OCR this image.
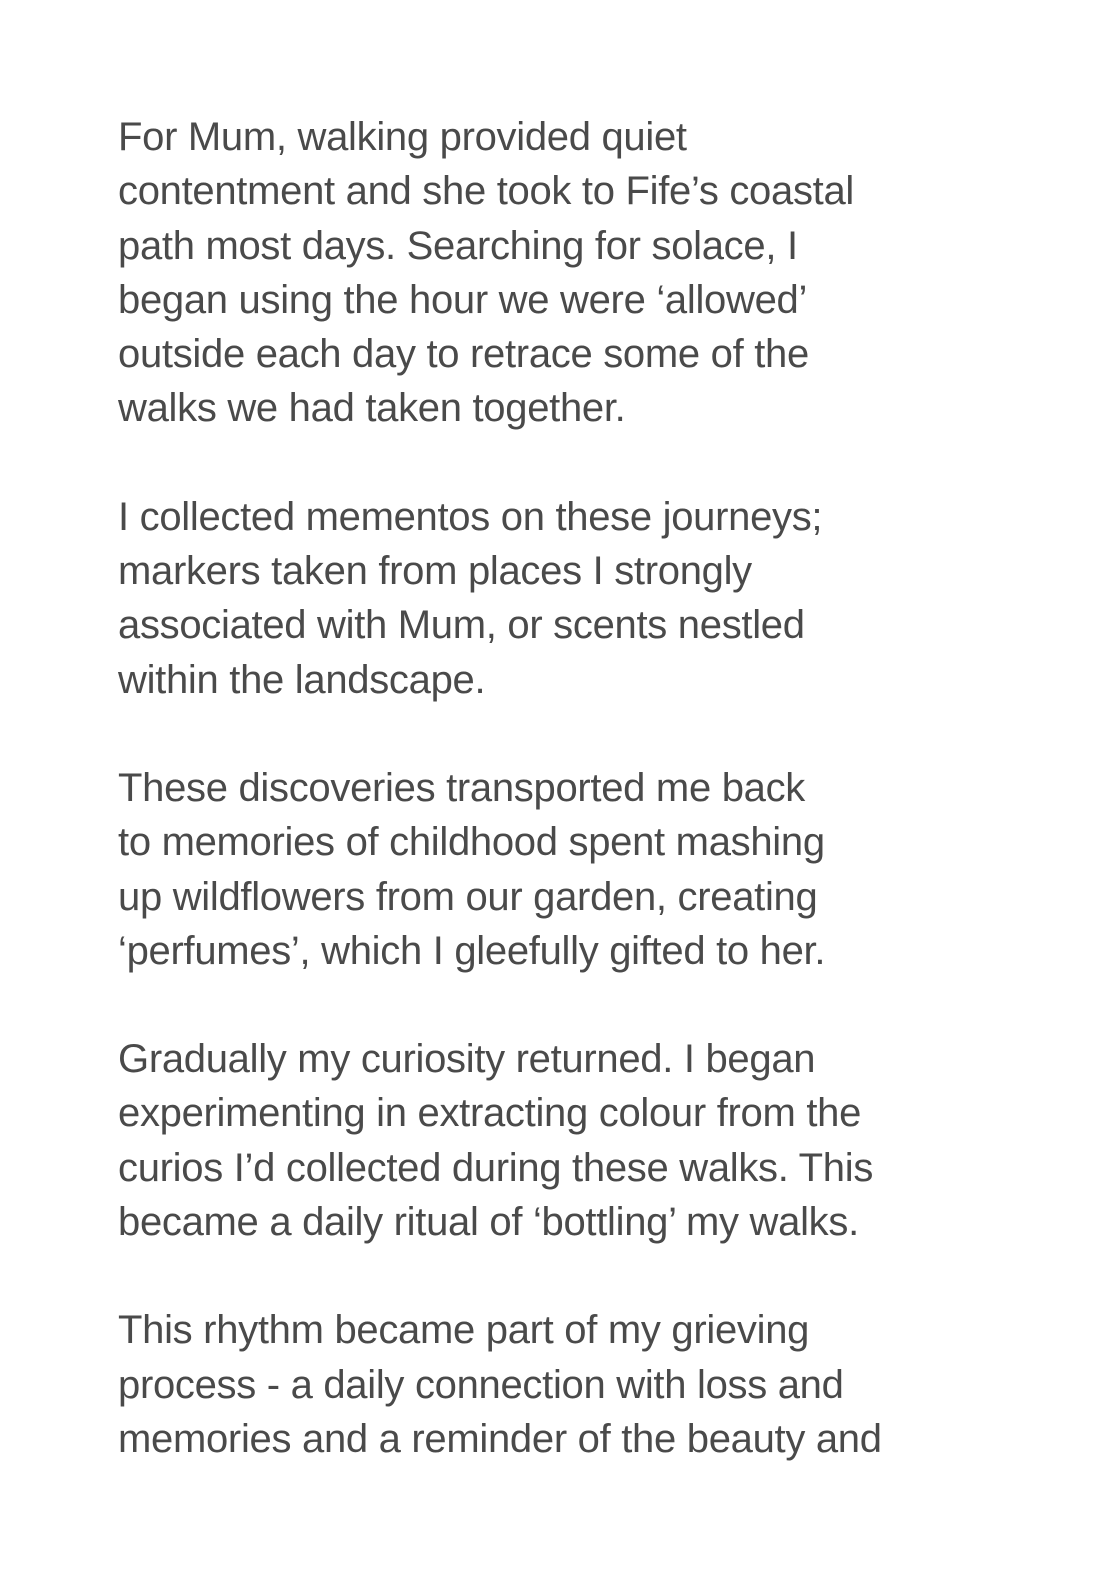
For Mum, walking provided quiet
contentment and she took to Fife’s coastal
path most days. Searching for solace, I
began using the hour we were ‘allowed’
outside each day to retrace some of the
walks we had taken together.

I collected mementos on these journeys;
markers taken from places I strongly
associated with Mum, or scents nestled
within the landscape.

These discoveries transported me back
to memories of childhood spent mashing
up wildflowers from our garden, creating
‘perfumes’, which I gleefully gifted to her.

Gradually my curiosity returned. I began
experimenting in extracting colour from the
curios I’d collected during these walks. This
became a daily ritual of ‘bottling’ my walks.

This rhythm became part of my grieving
process - a daily connection with loss and
memories and a reminder of the beauty and
